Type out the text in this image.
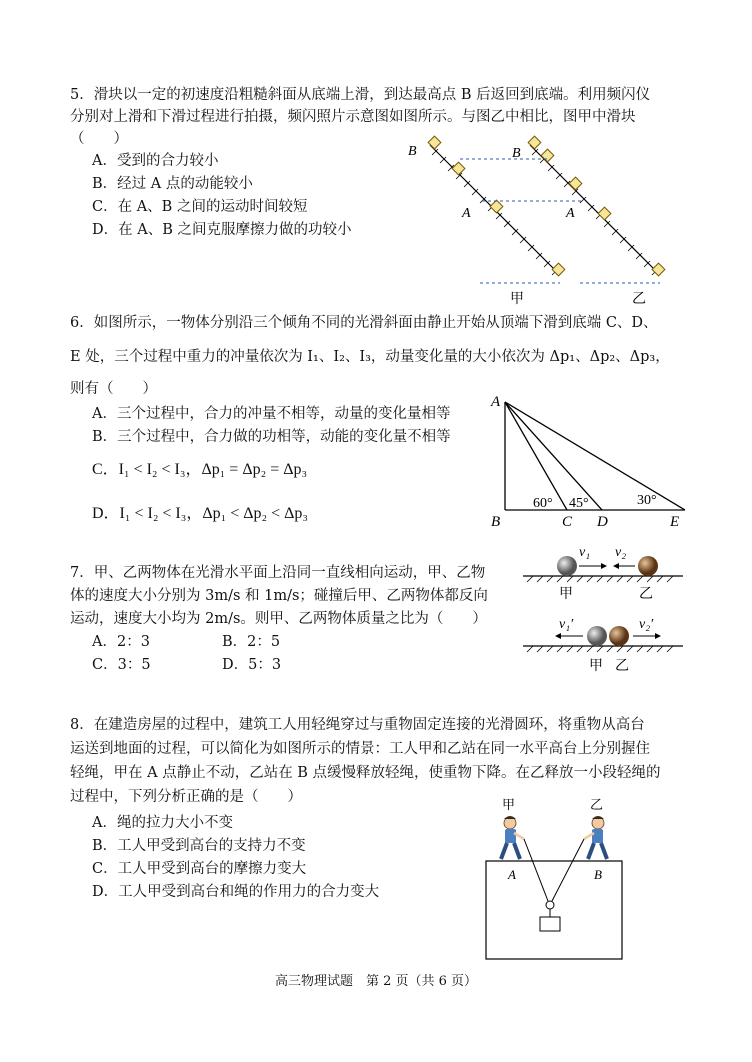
5．滑块以一定的初速度沿粗糙斜面从底端上滑，到达最高点 B 后返回到底端。利用频闪仪
分别对上滑和下滑过程进行拍摄，频闪照片示意图如图所示。与图乙中相比，图甲中滑块
（　　）
A．受到的合力较小
B．经过 A 点的动能较小
C．在 A、B 之间的运动时间较短
D．在 A、B 之间克服摩擦力做的功较小
B	B
A	A
甲	乙
6．如图所示，一物体分别沿三个倾角不同的光滑斜面由静止开始从顶端下滑到底端 C、D、
E 处，三个过程中重力的冲量依次为 I₁、I₂、I₃，动量变化量的大小依次为 Δp₁、Δp₂、Δp₃，
则有（　　）
A．三个过程中，合力的冲量不相等，动量的变化量相等
B．三个过程中，合力做的功相等，动能的变化量不相等
C．I₁ < I₂ < I₃，Δp₁ = Δp₂ = Δp₃
D．I₁ < I₂ < I₃，Δp₁ < Δp₂ < Δp₃
A
B	C D	E
60° 45°	30°
7．甲、乙两物体在光滑水平面上沿同一直线相向运动，甲、乙物
体的速度大小分别为 3m/s 和 1m/s；碰撞后甲、乙两物体都反向
运动，速度大小均为 2m/s。则甲、乙两物体质量之比为（　　）
A．2：3	B．2：5
C．3：5	D．5：3
v₁ v₂
甲	乙
v₁′	v₂′
甲 乙
8．在建造房屋的过程中，建筑工人用轻绳穿过与重物固定连接的光滑圆环，将重物从高台
运送到地面的过程，可以简化为如图所示的情景：工人甲和乙站在同一水平高台上分别握住
轻绳，甲在 A 点静止不动，乙站在 B 点缓慢释放轻绳，使重物下降。在乙释放一小段轻绳的
过程中，下列分析正确的是（　　）
A．绳的拉力大小不变
B．工人甲受到高台的支持力不变
C．工人甲受到高台的摩擦力变大
D．工人甲受到高台和绳的作用力的合力变大
甲	乙
A	B
高三物理试题　第 2 页（共 6 页）
